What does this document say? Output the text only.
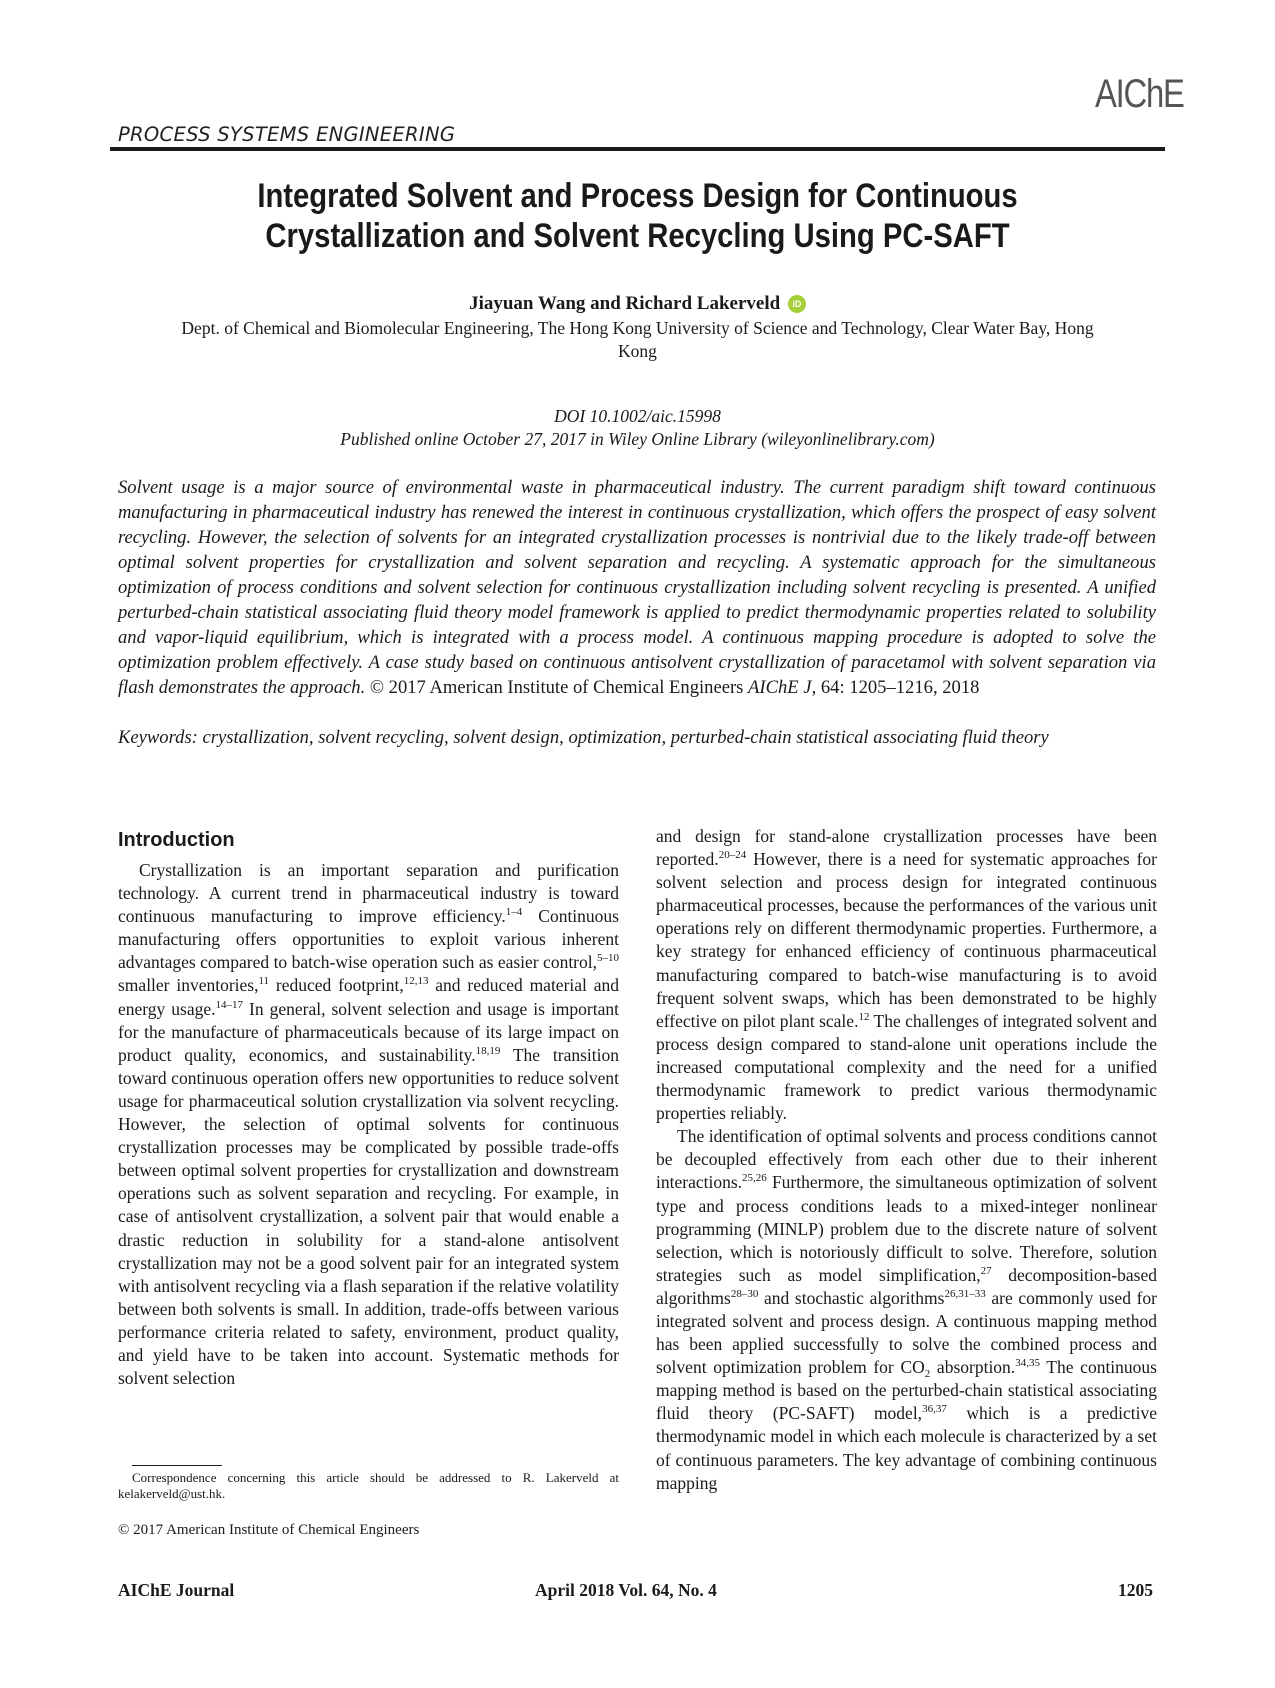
AIChE
PROCESS SYSTEMS ENGINEERING
Integrated Solvent and Process Design for Continuous
Crystallization and Solvent Recycling Using PC-SAFT
Jiayuan Wang and Richard Lakerveld iD
Dept. of Chemical and Biomolecular Engineering, The Hong Kong University of Science and Technology, Clear Water Bay, Hong Kong
DOI 10.1002/aic.15998
Published online October 27, 2017 in Wiley Online Library (wileyonlinelibrary.com)
Solvent usage is a major source of environmental waste in pharmaceutical industry. The current paradigm shift toward continuous manufacturing in pharmaceutical industry has renewed the interest in continuous crystallization, which offers the prospect of easy solvent recycling. However, the selection of solvents for an integrated crystallization processes is nontrivial due to the likely trade-off between optimal solvent properties for crystallization and solvent separation and recycling. A systematic approach for the simultaneous optimization of process conditions and solvent selection for continuous crystallization including solvent recycling is presented. A unified perturbed-chain statistical associating fluid theory model framework is applied to predict thermodynamic properties related to solubility and vapor-liquid equilibrium, which is integrated with a process model. A continuous mapping procedure is adopted to solve the optimization problem effectively. A case study based on continuous antisolvent crystallization of paracetamol with solvent separation via flash demonstrates the approach. © 2017 American Institute of Chemical Engineers AIChE J, 64: 1205–1216, 2018
Keywords: crystallization, solvent recycling, solvent design, optimization, perturbed-chain statistical associating fluid theory
Introduction

Crystallization is an important separation and purification technology. A current trend in pharmaceutical industry is toward continuous manufacturing to improve efficiency.$^{1-4}$ Continuous manufacturing offers opportunities to exploit various inherent advantages compared to batch-wise operation such as easier control,$^{5-10}$ smaller inventories,$^{11}$ reduced footprint,$^{12,13}$ and reduced material and energy usage.$^{14-17}$ In general, solvent selection and usage is important for the manufacture of pharmaceuticals because of its large impact on product quality, economics, and sustainability.$^{18,19}$ The transition toward continuous operation offers new opportunities to reduce solvent usage for pharmaceutical solution crystallization via solvent recycling. However, the selection of optimal solvents for continuous crystallization processes may be complicated by possible trade-offs between optimal solvent properties for crystallization and downstream operations such as solvent separation and recycling. For example, in case of antisolvent crystallization, a solvent pair that would enable a drastic reduction in solubility for a stand-alone antisolvent crystallization may not be a good solvent pair for an integrated system with antisolvent recycling via a flash separation if the relative volatility between both solvents is small. In addition, trade-offs between various performance criteria related to safety, environment, product quality, and yield have to be taken into account. Systematic methods for solvent selection

and design for stand-alone crystallization processes have been reported.$^{20-24}$ However, there is a need for systematic approaches for solvent selection and process design for integrated continuous pharmaceutical processes, because the performances of the various unit operations rely on different thermodynamic properties. Furthermore, a key strategy for enhanced efficiency of continuous pharmaceutical manufacturing compared to batch-wise manufacturing is to avoid frequent solvent swaps, which has been demonstrated to be highly effective on pilot plant scale.$^{12}$ The challenges of integrated solvent and process design compared to stand-alone unit operations include the increased computational complexity and the need for a unified thermodynamic framework to predict various thermodynamic properties reliably.

The identification of optimal solvents and process conditions cannot be decoupled effectively from each other due to their inherent interactions.$^{25,26}$ Furthermore, the simultaneous optimization of solvent type and process conditions leads to a mixed-integer nonlinear programming (MINLP) problem due to the discrete nature of solvent selection, which is notoriously difficult to solve. Therefore, solution strategies such as model simplification,$^{27}$ decomposition-based algorithms$^{28-30}$ and stochastic algorithms$^{26,31-33}$ are commonly used for integrated solvent and process design. A continuous mapping method has been applied successfully to solve the combined process and solvent optimization problem for $CO_2$ absorption.$^{34,35}$ The continuous mapping method is based on the perturbed-chain statistical associating fluid theory (PC-SAFT) model,$^{36,37}$ which is a predictive thermodynamic model in which each molecule is characterized by a set of continuous parameters. The key advantage of combining continuous mapping

Correspondence concerning this article should be addressed to R. Lakerveld at kelakerveld@ust.hk.
© 2017 American Institute of Chemical Engineers
AIChE Journal	April 2018 Vol. 64, No. 4	1205
